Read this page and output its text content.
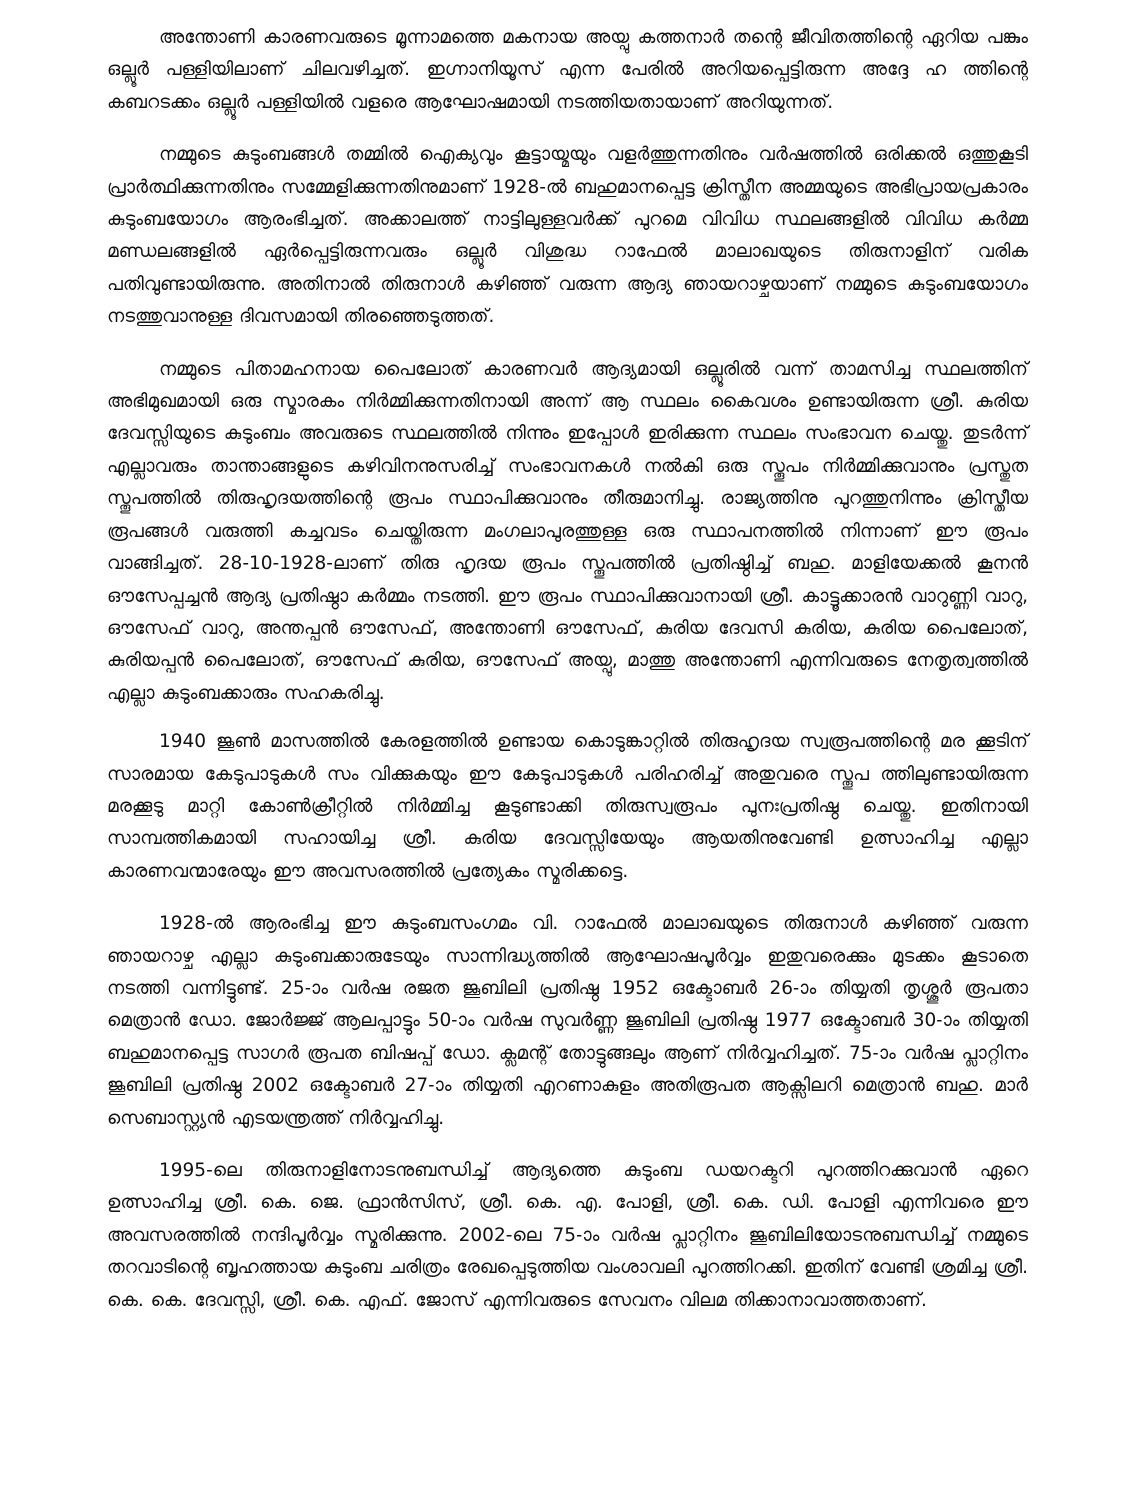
അന്തോണി കാരണവരുടെ മൂന്നാമത്തെ മകനായ അയ്പു കത്തനാർ തന്റെ ജീവിതത്തിന്റെ ഏറിയ പങ്കും ഒല്ലൂർ പള്ളിയിലാണ് ചിലവഴിച്ചത്. ഇഗ്നാനിയൂസ് എന്ന പേരിൽ അറിയപ്പെട്ടിരുന്ന അദ്ദേ ഹ ത്തിന്റെ കബറടക്കം ഒല്ലൂർ പള്ളിയിൽ വളരെ ആഘോഷമായി നടത്തിയതായാണ് അറിയുന്നത്.

നമ്മുടെ കുടുംബങ്ങൾ തമ്മിൽ ഐക്യവും കൂട്ടായ്മയും വളർത്തുന്നതിനും വർഷത്തിൽ ഒരിക്കൽ ഒത്തുകൂടി പ്രാർത്ഥിക്കുന്നതിനും സമ്മേളിക്കുന്നതിനുമാണ് 1928-ൽ ബഹുമാനപ്പെട്ട ക്രിസ്തീന അമ്മയുടെ അഭിപ്രായപ്രകാരം കുടുംബയോഗം ആരംഭിച്ചത്. അക്കാലത്ത് നാട്ടിലുള്ളവർക്ക് പുറമെ വിവിധ സ്ഥലങ്ങളിൽ വിവിധ കർമ്മ മണ്ഡലങ്ങളിൽ ഏർപ്പെട്ടിരുന്നവരും ഒല്ലൂർ വിശുദ്ധ റാഫേൽ മാലാഖയുടെ തിരുനാളിന് വരിക പതിവുണ്ടായിരുന്നു. അതിനാൽ തിരുനാൾ കഴിഞ്ഞ് വരുന്ന ആദ്യ ഞായറാഴ്ചയാണ് നമ്മുടെ കുടുംബയോഗം നടത്തുവാനുള്ള ദിവസമായി തിരഞ്ഞെടുത്തത്.

നമ്മുടെ പിതാമഹനായ പൈലോത് കാരണവർ ആദ്യമായി ഒല്ലൂരിൽ വന്ന് താമസിച്ച സ്ഥലത്തിന് അഭിമുഖമായി ഒരു സ്മാരകം നിർമ്മിക്കുന്നതിനായി അന്ന് ആ സ്ഥലം കൈവശം ഉണ്ടായിരുന്ന ശ്രീ. കുരിയ ദേവസ്സിയുടെ കുടുംബം അവരുടെ സ്ഥലത്തിൽ നിന്നും ഇപ്പോൾ ഇരിക്കുന്ന സ്ഥലം സംഭാവന ചെയ്തു. തുടർന്ന് എല്ലാവരും താന്താങ്ങളുടെ കഴിവിനനുസരിച്ച് സംഭാവനകൾ നൽകി ഒരു സ്തൂപം നിർമ്മിക്കുവാനും പ്രസ്തുത സ്തൂപത്തിൽ തിരുഹൃദയത്തിന്റെ രൂപം സ്ഥാപിക്കുവാനും തീരുമാനിച്ചു. രാജ്യത്തിനു പുറത്തുനിന്നും ക്രിസ്തീയ രൂപങ്ങൾ വരുത്തി കച്ചവടം ചെയ്തിരുന്ന മംഗലാപുരത്തുള്ള ഒരു സ്ഥാപനത്തിൽ നിന്നാണ് ഈ രൂപം വാങ്ങിച്ചത്. 28-10-1928-ലാണ് തിരു ഹൃദയ രൂപം സ്തൂപത്തിൽ പ്രതിഷ്ഠിച്ച് ബഹു. മാളിയേക്കൽ കൂനൻ ഔസേപ്പച്ചൻ ആദ്യ പ്രതിഷ്ഠാ കർമ്മം നടത്തി. ഈ രൂപം സ്ഥാപിക്കുവാനായി ശ്രീ. കാട്ടൂക്കാരൻ വാറുണ്ണി വാറു, ഔസേഫ് വാറു, അന്തപ്പൻ ഔസേഫ്, അന്തോണി ഔസേഫ്, കുരിയ ദേവസി കുരിയ, കുരിയ പൈലോത്, കുരിയപ്പൻ പൈലോത്, ഔസേഫ് കുരിയ, ഔസേഫ് അയ്പു, മാത്തു അന്തോണി എന്നിവരുടെ നേതൃത്വത്തിൽ എല്ലാ കുടുംബക്കാരും സഹകരിച്ചു.

1940 ജൂൺ മാസത്തിൽ കേരളത്തിൽ ഉണ്ടായ കൊടുങ്കാറ്റിൽ തിരുഹൃദയ സ്വരൂപത്തിന്റെ മര ക്കൂടിന് സാരമായ കേടുപാടുകൾ സം വിക്കുകയും ഈ കേടുപാടുകൾ പരിഹരിച്ച് അതുവരെ സ്തൂപ ത്തിലുണ്ടായിരുന്ന മരക്കൂടു മാറ്റി കോൺക്രീറ്റിൽ നിർമ്മിച്ച കൂടുണ്ടാക്കി തിരുസ്വരൂപം പുനഃപ്രതിഷ്ഠ ചെയ്തു. ഇതിനായി സാമ്പത്തികമായി സഹായിച്ച ശ്രീ. കുരിയ ദേവസ്സിയേയും ആയതിനുവേണ്ടി ഉത്സാഹിച്ച എല്ലാ കാരണവന്മാരേയും ഈ അവസരത്തിൽ പ്രത്യേകം സ്മരിക്കട്ടെ.

1928-ൽ ആരംഭിച്ച ഈ കുടുംബസംഗമം വി. റാഫേൽ മാലാഖയുടെ തിരുനാൾ കഴിഞ്ഞ് വരുന്ന ഞായറാഴ്ച എല്ലാ കുടുംബക്കാരുടേയും സാന്നിദ്ധ്യത്തിൽ ആഘോഷപൂർവ്വം ഇതുവരെക്കും മുടക്കം കൂടാതെ നടത്തി വന്നിട്ടുണ്ട്. 25-ാം വർഷ രജത ജൂബിലി പ്രതിഷ്ഠ 1952 ഒക്ടോബർ 26-ാം തിയ്യതി തൃശ്ശൂർ രൂപതാ മെത്രാൻ ഡോ. ജോർജ്ജ് ആലപ്പാട്ടും 50-ാം വർഷ സുവർണ്ണ ജൂബിലി പ്രതിഷ്ഠ 1977 ഒക്ടോബർ 30-ാം തിയ്യതി ബഹുമാനപ്പെട്ട സാഗർ രൂപത ബിഷപ്പ് ഡോ. ക്ലമന്റ് തോട്ടുങ്ങലും ആണ് നിർവ്വഹിച്ചത്. 75-ാം വർഷ പ്ലാറ്റിനം ജൂബിലി പ്രതിഷ്ഠ 2002 ഒക്ടോബർ 27-ാം തിയ്യതി എറണാകുളം അതിരൂപത ആക്സിലറി മെത്രാൻ ബഹു. മാർ സെബാസ്റ്റ്യൻ എടയന്ത്രത്ത് നിർവ്വഹിച്ചു.

1995-ലെ തിരുനാളിനോടനുബന്ധിച്ച് ആദ്യത്തെ കുടുംബ ഡയറക്ടറി പുറത്തിറക്കുവാൻ ഏറെ ഉത്സാഹിച്ച ശ്രീ. കെ. ജെ. ഫ്രാൻസിസ്, ശ്രീ. കെ. എ. പോളി, ശ്രീ. കെ. ഡി. പോളി എന്നിവരെ ഈ അവസരത്തിൽ നന്ദിപൂർവ്വം സ്മരിക്കുന്നു. 2002-ലെ 75-ാം വർഷ പ്ലാറ്റിനം ജൂബിലിയോടനുബന്ധിച്ച് നമ്മുടെ തറവാടിന്റെ ബൃഹത്തായ കുടുംബ ചരിത്രം രേഖപ്പെടുത്തിയ വംശാവലി പുറത്തിറക്കി. ഇതിന് വേണ്ടി ശ്രമിച്ച ശ്രീ. കെ. കെ. ദേവസ്സി, ശ്രീ. കെ. എഫ്. ജോസ് എന്നിവരുടെ സേവനം വിലമ തിക്കാനാവാത്തതാണ്.
